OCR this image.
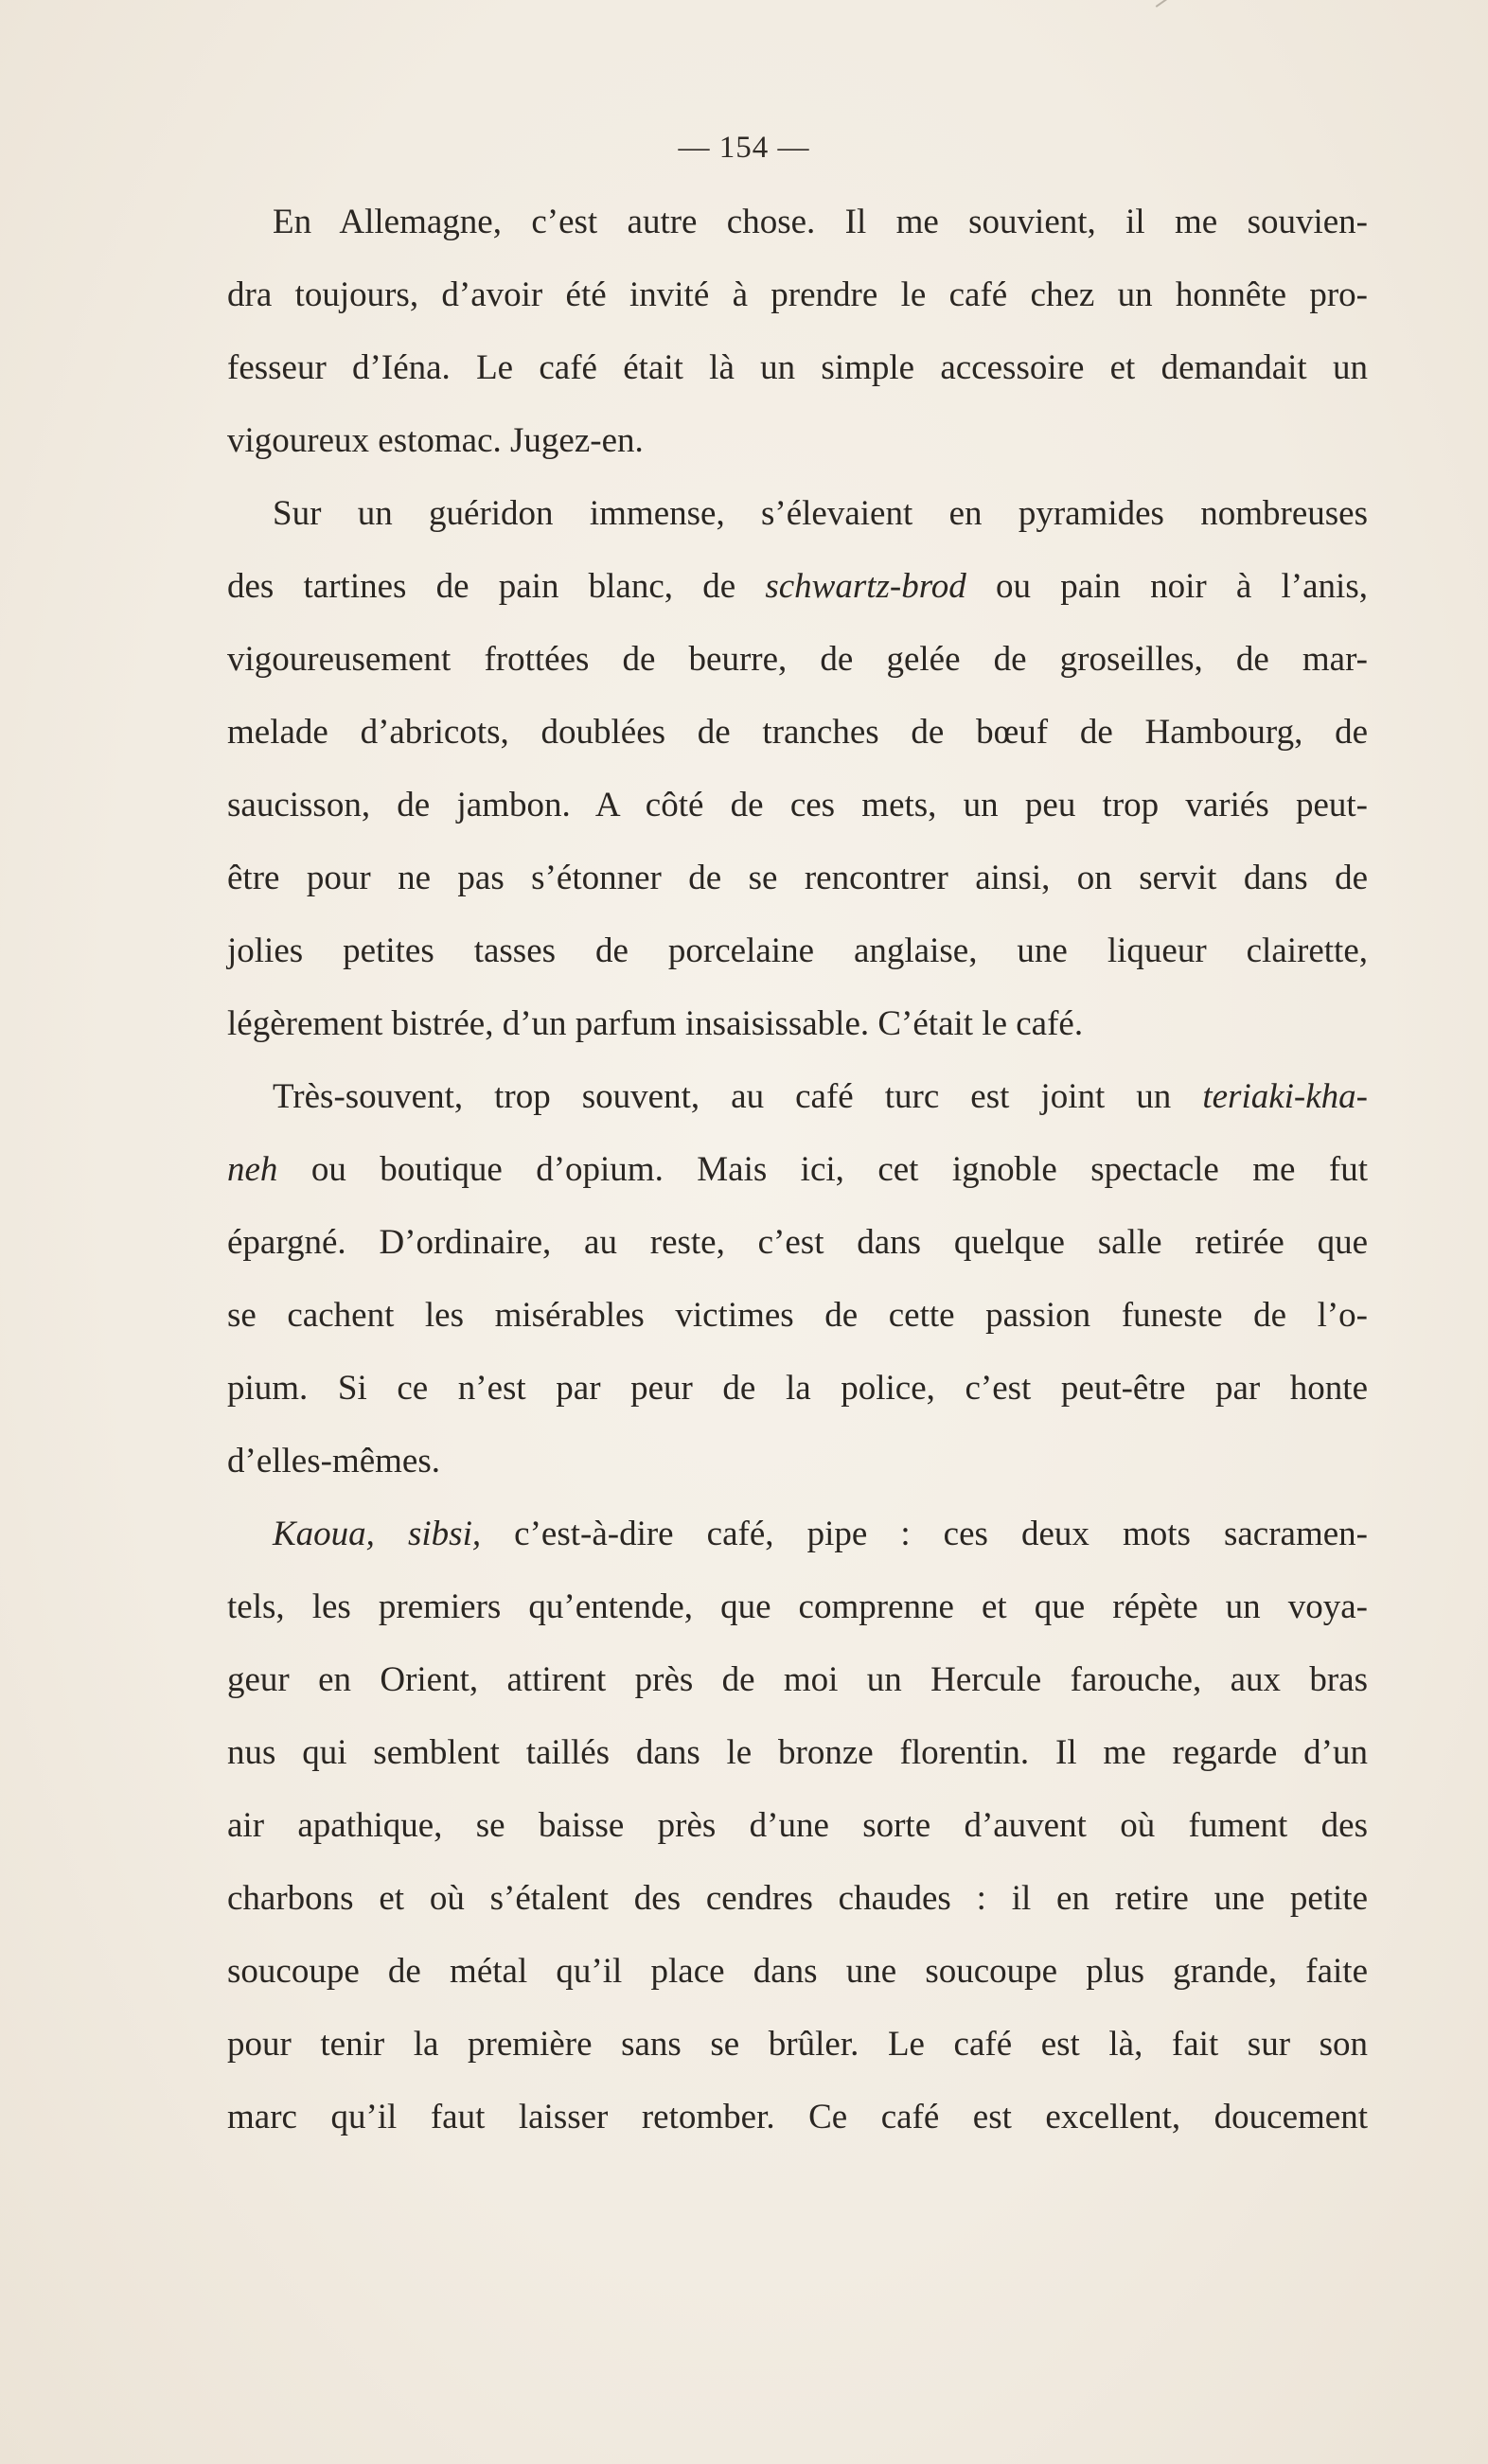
— 154 —
En Allemagne, c’est autre chose. Il me souvient, il me souvien-
dra toujours, d’avoir été invité à prendre le café chez un honnête pro-
fesseur d’Iéna. Le café était là un simple accessoire et demandait un
vigoureux estomac. Jugez-en.
Sur un guéridon immense, s’élevaient en pyramides nombreuses
des tartines de pain blanc, de schwartz-brod ou pain noir à l’anis,
vigoureusement frottées de beurre, de gelée de groseilles, de mar-
melade d’abricots, doublées de tranches de bœuf de Hambourg, de
saucisson, de jambon. A côté de ces mets, un peu trop variés peut-
être pour ne pas s’étonner de se rencontrer ainsi, on servit dans de
jolies petites tasses de porcelaine anglaise, une liqueur clairette,
légèrement bistrée, d’un parfum insaisissable. C’était le café.
Très-souvent, trop souvent, au café turc est joint un teriaki-kha-
neh ou boutique d’opium. Mais ici, cet ignoble spectacle me fut
épargné. D’ordinaire, au reste, c’est dans quelque salle retirée que
se cachent les misérables victimes de cette passion funeste de l’o-
pium. Si ce n’est par peur de la police, c’est peut-être par honte
d’elles-mêmes.
Kaoua, sibsi, c’est-à-dire café, pipe : ces deux mots sacramen-
tels, les premiers qu’entende, que comprenne et que répète un voya-
geur en Orient, attirent près de moi un Hercule farouche, aux bras
nus qui semblent taillés dans le bronze florentin. Il me regarde d’un
air apathique, se baisse près d’une sorte d’auvent où fument des
charbons et où s’étalent des cendres chaudes : il en retire une petite
soucoupe de métal qu’il place dans une soucoupe plus grande, faite
pour tenir la première sans se brûler. Le café est là, fait sur son
marc qu’il faut laisser retomber. Ce café est excellent, doucement
